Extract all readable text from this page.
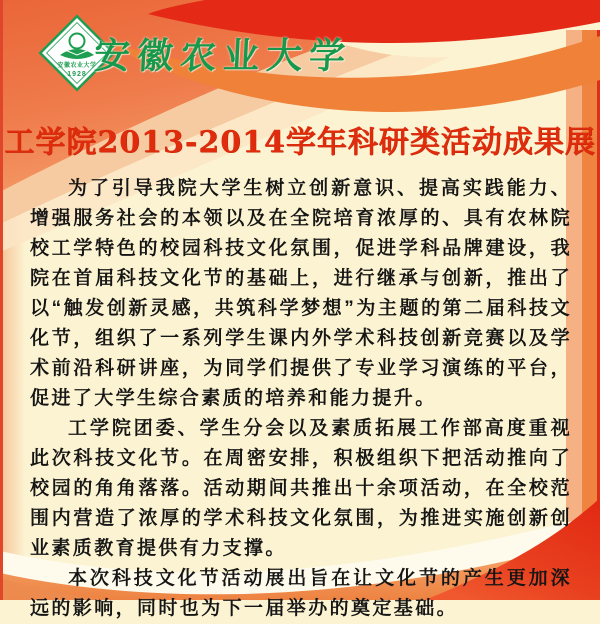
安徽农业大学
1928 安徽农业大学
工学院2013-2014学年科研类活动成果展

为了引导我院大学生树立创新意识、提高实践能力、增强服务社会的本领以及在全院培育浓厚的、具有农林院校工学特色的校园科技文化氛围，促进学科品牌建设，我院在首届科技文化节的基础上，进行继承与创新，推出了以“触发创新灵感，共筑科学梦想”为主题的第二届科技文化节，组织了一系列学生课内外学术科技创新竞赛以及学术前沿科研讲座，为同学们提供了专业学习演练的平台，促进了大学生综合素质的培养和能力提升。

工学院团委、学生分会以及素质拓展工作部高度重视此次科技文化节。在周密安排，积极组织下把活动推向了校园的角角落落。活动期间共推出十余项活动，在全校范围内营造了浓厚的学术科技文化氛围，为推进实施创新创业素质教育提供有力支撑。

本次科技文化节活动展出旨在让文化节的产生更加深远的影响，同时也为下一届举办的奠定基础。
